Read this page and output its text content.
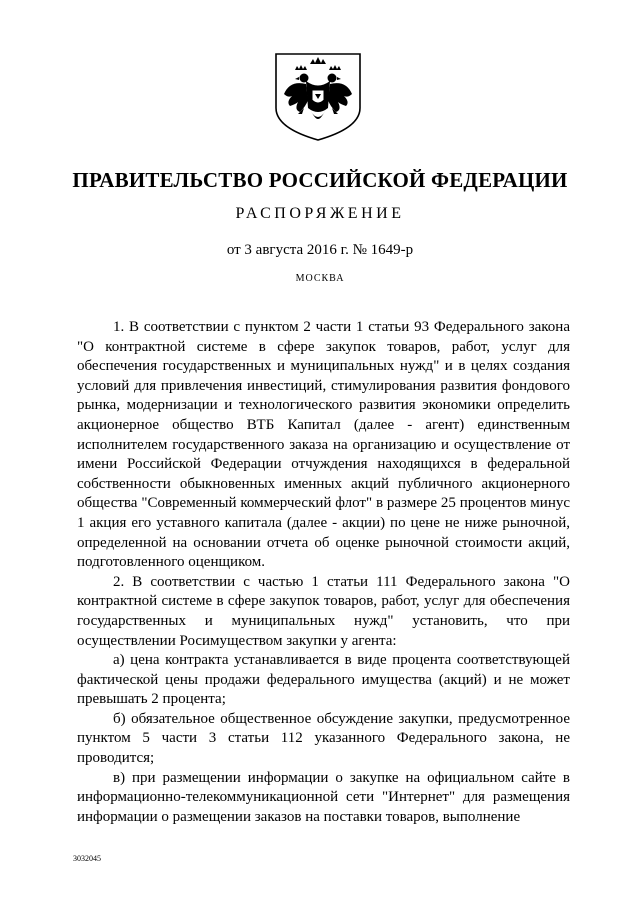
ПРАВИТЕЛЬСТВО РОССИЙСКОЙ ФЕДЕРАЦИИ
РАСПОРЯЖЕНИЕ
от 3 августа 2016 г. № 1649-р
МОСКВА

1. В соответствии с пунктом 2 части 1 статьи 93 Федерального закона "О контрактной системе в сфере закупок товаров, работ, услуг для обеспечения государственных и муниципальных нужд" и в целях создания условий для привлечения инвестиций, стимулирования развития фондового рынка, модернизации и технологического развития экономики определить акционерное общество ВТБ Капитал (далее - агент) единственным исполнителем государственного заказа на организацию и осуществление от имени Российской Федерации отчуждения находящихся в федеральной собственности обыкновенных именных акций публичного акционерного общества "Современный коммерческий флот" в размере 25 процентов минус 1 акция его уставного капитала (далее - акции) по цене не ниже рыночной, определенной на основании отчета об оценке рыночной стоимости акций, подготовленного оценщиком.

2. В соответствии с частью 1 статьи 111 Федерального закона "О контрактной системе в сфере закупок товаров, работ, услуг для обеспечения государственных и муниципальных нужд" установить, что при осуществлении Росимуществом закупки у агента:

а) цена контракта устанавливается в виде процента соответствующей фактической цены продажи федерального имущества (акций) и не может превышать 2 процента;

б) обязательное общественное обсуждение закупки, предусмотренное пунктом 5 части 3 статьи 112 указанного Федерального закона, не проводится;

в) при размещении информации о закупке на официальном сайте в информационно-телекоммуникационной сети "Интернет" для размещения информации о размещении заказов на поставки товаров, выполнение

3032045
